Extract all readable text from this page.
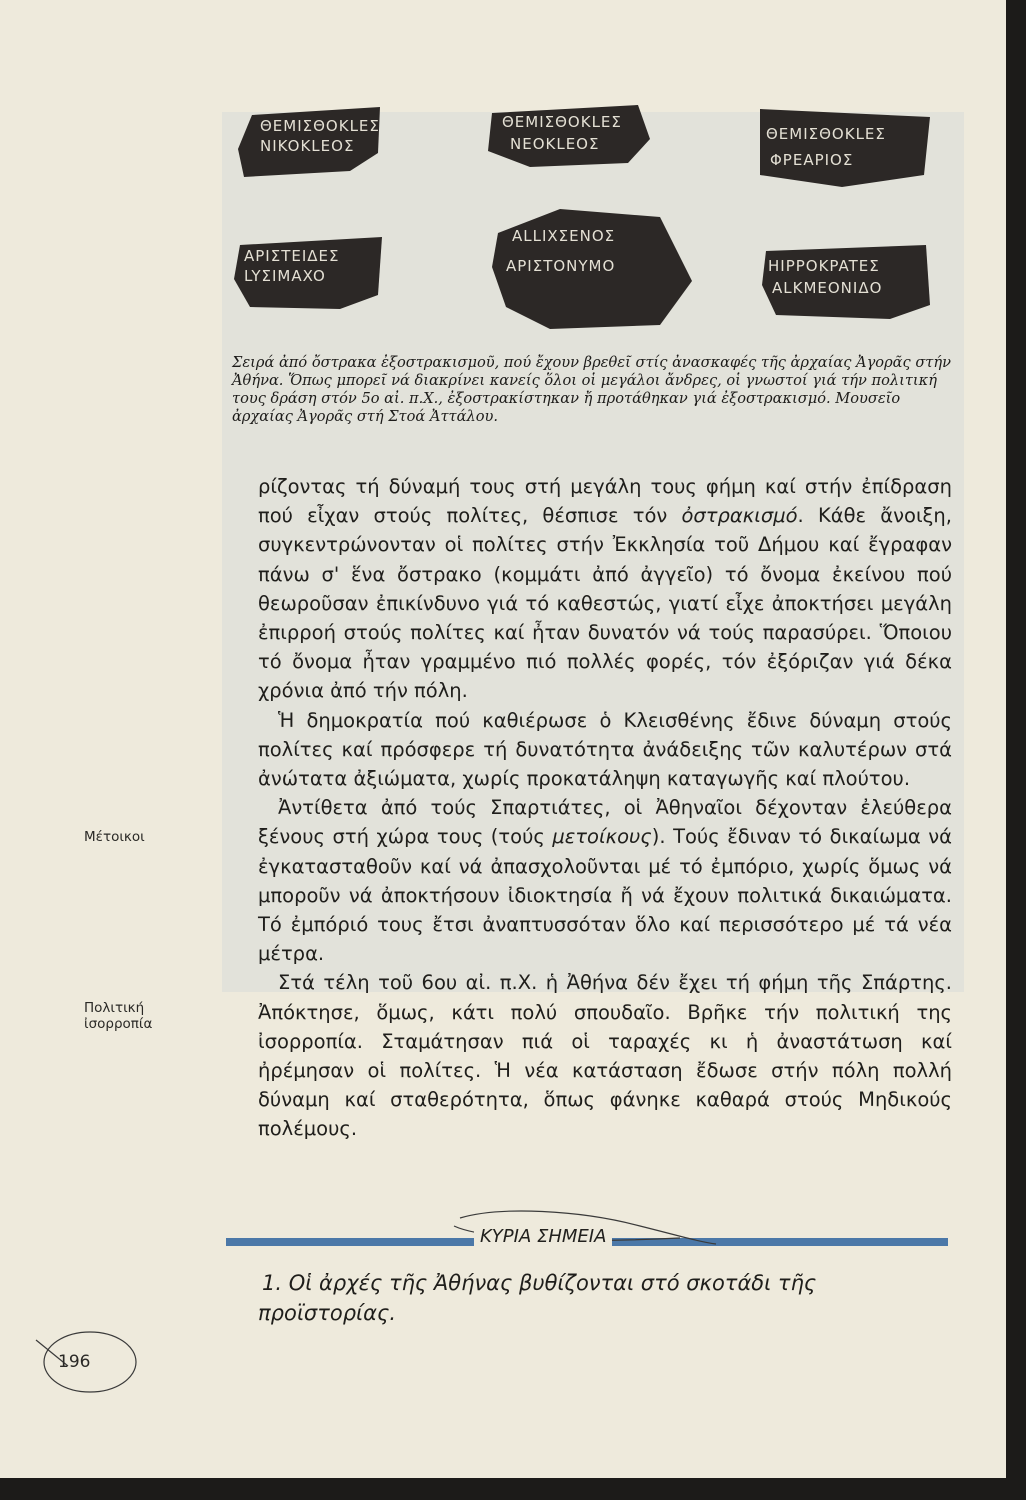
ΘEMIΣΘOKLEΣ
NIKOKLEOΣ
ΘEMIΣΘOKLEΣ
NEOKLEOΣ
ΘEMIΣΘOKLEΣ
ΦPEAPIOΣ
APIΣTEIΔEΣ
LYΣIMAXO
ALLIXΣENOΣ
APIΣTONYMO	HIPPOKPATEΣ
ALKMEONIΔO
Σειρά ἀπό ὄστρακα ἐξοστρακισμοῦ, πού ἔχουν βρεθεῖ στίς ἀνασκαφές τῆς ἀρχαίας Ἀγορᾶς στήν Ἀθήνα. Ὅπως μπορεῖ νά διακρίνει κανείς ὅλοι οἱ μεγάλοι ἄνδρες, οἱ γνωστοί γιά τήν πολιτική τους δράση στόν 5ο αἰ. π.Χ., ἐξοστρακίστηκαν ἤ προτάθηκαν γιά ἐξοστρακισμό. Μουσεῖο ἀρχαίας Ἀγορᾶς στή Στοά Ἀττάλου.
Μέτοικοι
Πολιτική
ἰσορροπία

ρίζοντας τή δύναμή τους στή μεγάλη τους φήμη καί στήν ἐπίδραση πού εἶχαν στούς πολίτες, θέσπισε τόν ὀστρακισμό. Κάθε ἄνοιξη, συγκεντρώνονταν οἱ πολίτες στήν Ἐκκλησία τοῦ Δήμου καί ἔγραφαν πάνω σ' ἕνα ὄστρακο (κομμάτι ἀπό ἀγγεῖο) τό ὄνομα ἐκείνου πού θεωροῦσαν ἐπικίνδυνο γιά τό καθεστώς, γιατί εἶχε ἀποκτήσει μεγάλη ἐπιρροή στούς πολίτες καί ἦταν δυνατόν νά τούς παρασύρει. Ὅποιου τό ὄνομα ἦταν γραμμένο πιό πολλές φορές, τόν ἐξόριζαν γιά δέκα χρόνια ἀπό τήν πόλη.

Ἡ δημοκρατία πού καθιέρωσε ὁ Κλεισθένης ἔδινε δύναμη στούς πολίτες καί πρόσφερε τή δυνατότητα ἀνάδειξης τῶν καλυτέρων στά ἀνώτατα ἀξιώματα, χωρίς προκατάληψη καταγωγῆς καί πλούτου.

Ἀντίθετα ἀπό τούς Σπαρτιάτες, οἱ Ἀθηναῖοι δέχονταν ἐλεύθερα ξένους στή χώρα τους (τούς μετοίκους). Τούς ἔδιναν τό δικαίωμα νά ἐγκατασταθοῦν καί νά ἀπασχολοῦνται μέ τό ἐμπόριο, χωρίς ὅμως νά μποροῦν νά ἀποκτήσουν ἰδιοκτησία ἤ νά ἔχουν πολιτικά δικαιώματα. Τό ἐμπόριό τους ἔτσι ἀναπτυσσόταν ὅλο καί περισσότερο μέ τά νέα μέτρα.

Στά τέλη τοῦ 6ου αἰ. π.Χ. ἡ Ἀθήνα δέν ἔχει τή φήμη τῆς Σπάρτης. Ἀπόκτησε, ὅμως, κάτι πολύ σπουδαῖο. Βρῆκε τήν πολιτική της ἰσορροπία. Σταμάτησαν πιά οἱ ταραχές κι ἡ ἀναστάτωση καί ἠρέμησαν οἱ πολίτες. Ἡ νέα κατάσταση ἔδωσε στήν πόλη πολλή δύναμη καί σταθερότητα, ὅπως φάνηκε καθαρά στούς Μηδικούς πολέμους.

ΚΥΡΙΑ ΣΗΜΕΙΑ
1. Οἱ ἀρχές τῆς Ἀθήνας βυθίζονται στό σκοτάδι τῆς προϊστορίας.
196
